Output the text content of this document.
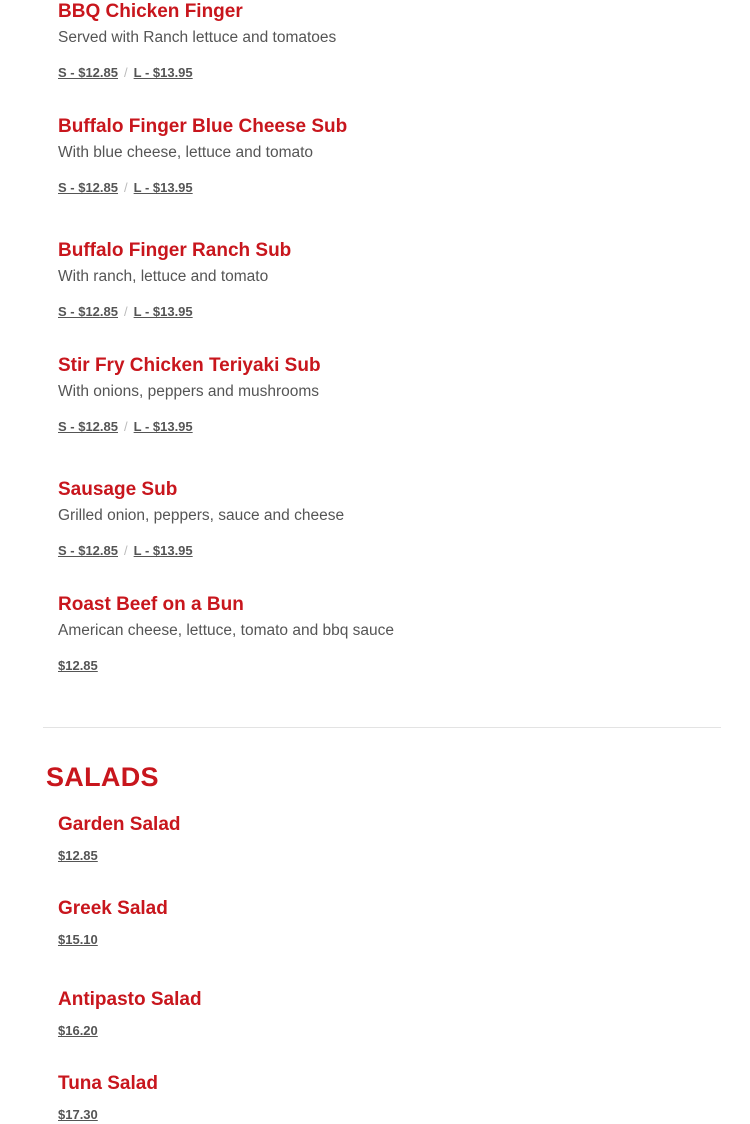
BBQ Chicken Finger
Served with Ranch lettuce and tomatoes
S - $12.85 / L - $13.95
Buffalo Finger Blue Cheese Sub
With blue cheese, lettuce and tomato
S - $12.85 / L - $13.95
Buffalo Finger Ranch Sub
With ranch, lettuce and tomato
S - $12.85 / L - $13.95
Stir Fry Chicken Teriyaki Sub
With onions, peppers and mushrooms
S - $12.85 / L - $13.95
Sausage Sub
Grilled onion, peppers, sauce and cheese
S - $12.85 / L - $13.95
Roast Beef on a Bun
American cheese, lettuce, tomato and bbq sauce
$12.85
SALADS
Garden Salad
$12.85
Greek Salad
$15.10
Antipasto Salad
$16.20
Tuna Salad
$17.30
